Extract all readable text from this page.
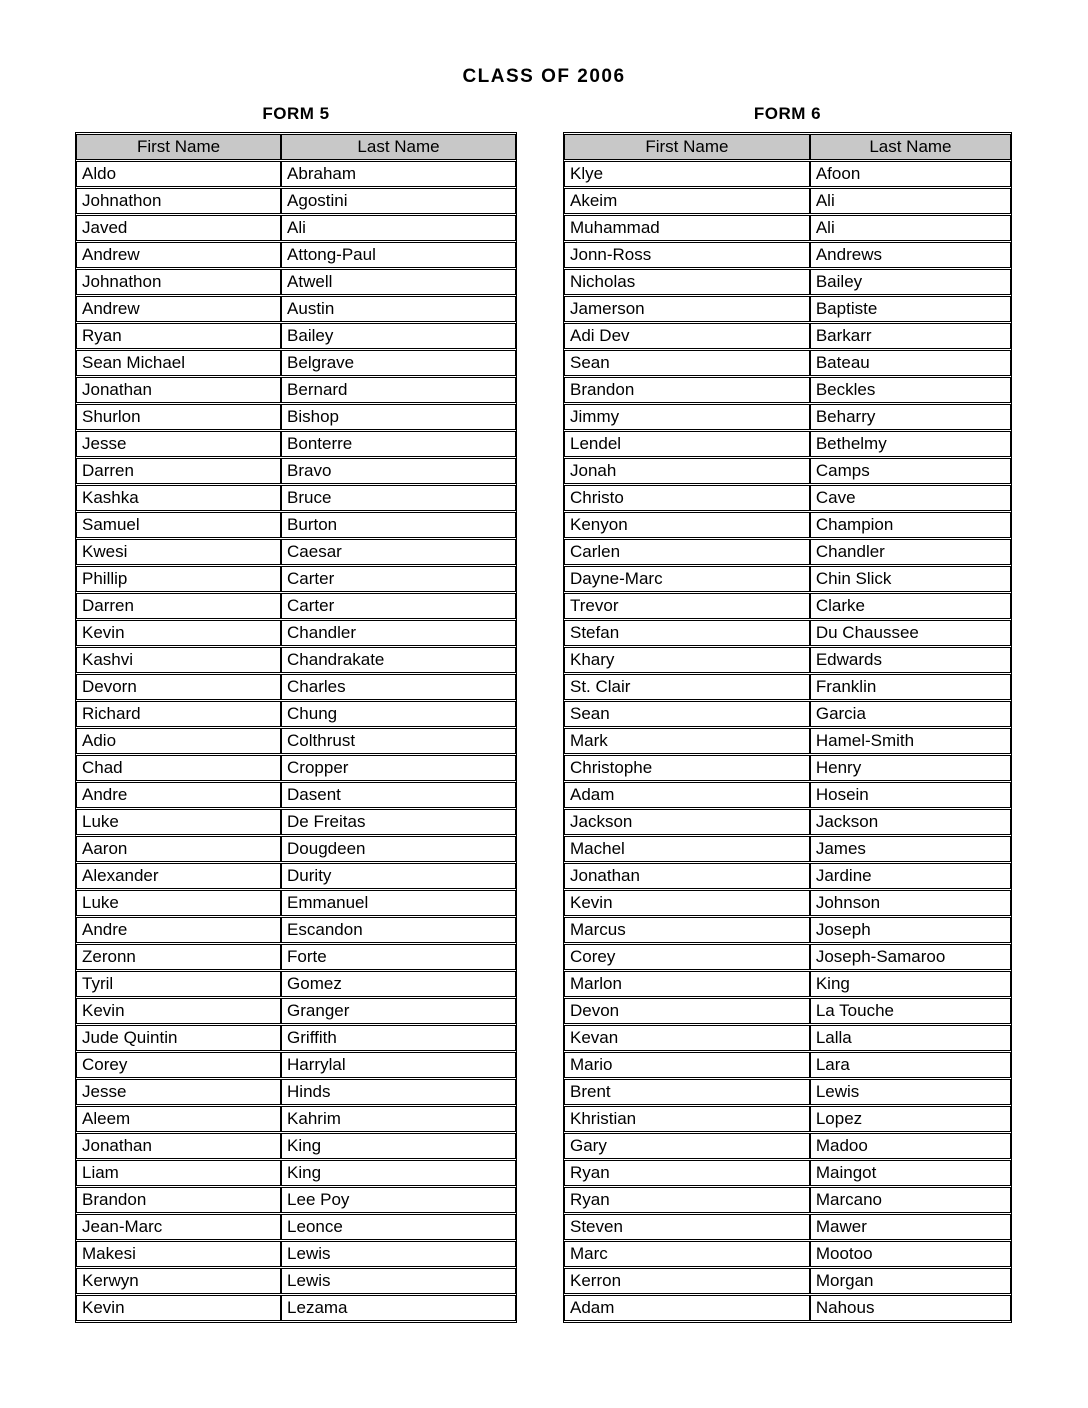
CLASS OF 2006
FORM 5
First Name	Last Name
Aldo	Abraham
Johnathon	Agostini
Javed	Ali
Andrew	Attong-Paul
Johnathon	Atwell
Andrew	Austin
Ryan	Bailey
Sean Michael	Belgrave
Jonathan	Bernard
Shurlon	Bishop
Jesse	Bonterre
Darren	Bravo
Kashka	Bruce
Samuel	Burton
Kwesi	Caesar
Phillip	Carter
Darren	Carter
Kevin	Chandler
Kashvi	Chandrakate
Devorn	Charles
Richard	Chung
Adio	Colthrust
Chad	Cropper
Andre	Dasent
Luke	De Freitas
Aaron	Dougdeen
Alexander	Durity
Luke	Emmanuel
Andre	Escandon
Zeronn	Forte
Tyril	Gomez
Kevin	Granger
Jude Quintin	Griffith
Corey	Harrylal
Jesse	Hinds
Aleem	Kahrim
Jonathan	King
Liam	King
Brandon	Lee Poy
Jean-Marc	Leonce
Makesi	Lewis
Kerwyn	Lewis
Kevin	Lezama
FORM 6
First Name	Last Name
Klye	Afoon
Akeim	Ali
Muhammad	Ali
Jonn-Ross	Andrews
Nicholas	Bailey
Jamerson	Baptiste
Adi Dev	Barkarr
Sean	Bateau
Brandon	Beckles
Jimmy	Beharry
Lendel	Bethelmy
Jonah	Camps
Christo	Cave
Kenyon	Champion
Carlen	Chandler
Dayne-Marc	Chin Slick
Trevor	Clarke
Stefan	Du Chaussee
Khary	Edwards
St. Clair	Franklin
Sean	Garcia
Mark	Hamel-Smith
Christophe	Henry
Adam	Hosein
Jackson	Jackson
Machel	James
Jonathan	Jardine
Kevin	Johnson
Marcus	Joseph
Corey	Joseph-Samaroo
Marlon	King
Devon	La Touche
Kevan	Lalla
Mario	Lara
Brent	Lewis
Khristian	Lopez
Gary	Madoo
Ryan	Maingot
Ryan	Marcano
Steven	Mawer
Marc	Mootoo
Kerron	Morgan
Adam	Nahous
